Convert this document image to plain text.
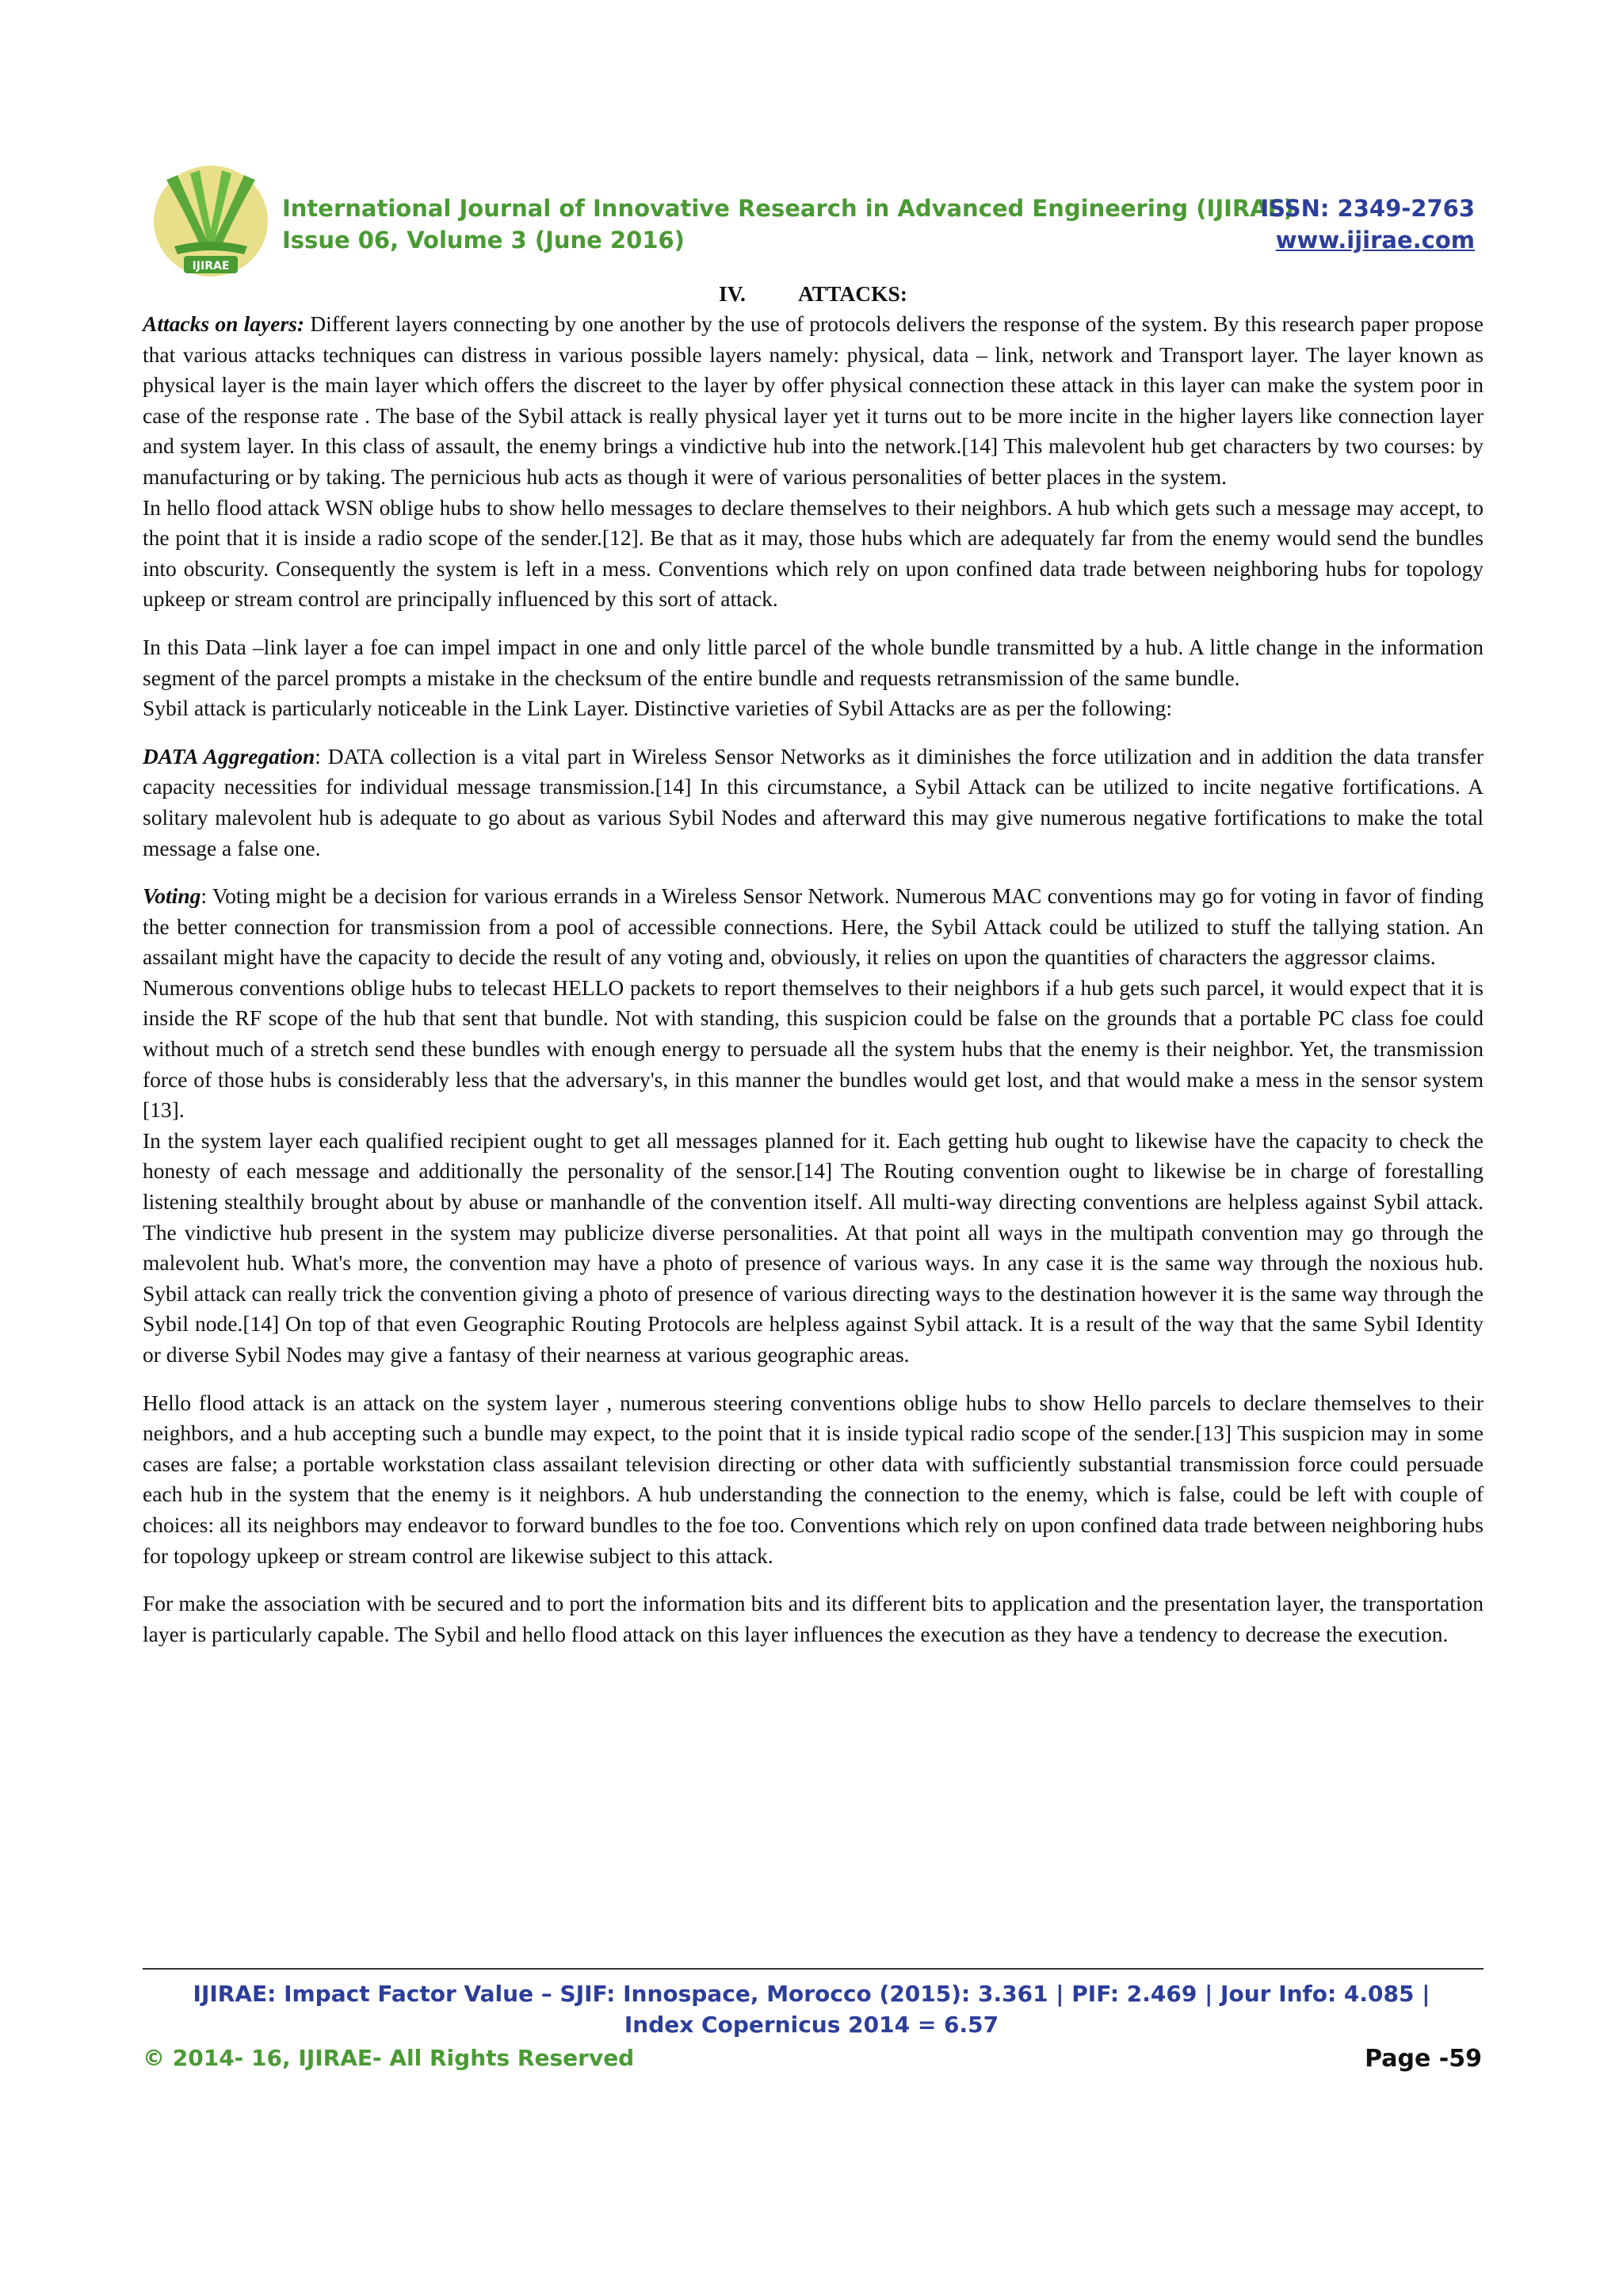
IJIRAE
International Journal of Innovative Research in Advanced Engineering (IJIRAE)
Issue 06, Volume 3 (June 2016)
ISSN: 2349-2763
www.ijirae.com

IV. ATTACKS:

Attacks on layers: Different layers connecting by one another by the use of protocols delivers the response of the system. By this research paper propose that various attacks techniques can distress in various possible layers namely: physical, data – link, network and Transport layer. The layer known as physical layer is the main layer which offers the discreet to the layer by offer physical connection these attack in this layer can make the system poor in case of the response rate . The base of the Sybil attack is really physical layer yet it turns out to be more incite in the higher layers like connection layer and system layer. In this class of assault, the enemy brings a vindictive hub into the network.[14] This malevolent hub get characters by two courses: by manufacturing or by taking. The pernicious hub acts as though it were of various personalities of better places in the system.

In hello flood attack WSN oblige hubs to show hello messages to declare themselves to their neighbors. A hub which gets such a message may accept, to the point that it is inside a radio scope of the sender.[12]. Be that as it may, those hubs which are adequately far from the enemy would send the bundles into obscurity. Consequently the system is left in a mess. Conventions which rely on upon confined data trade between neighboring hubs for topology upkeep or stream control are principally influenced by this sort of attack.

In this Data –link layer a foe can impel impact in one and only little parcel of the whole bundle transmitted by a hub. A little change in the information segment of the parcel prompts a mistake in the checksum of the entire bundle and requests retransmission of the same bundle.

Sybil attack is particularly noticeable in the Link Layer. Distinctive varieties of Sybil Attacks are as per the following:

DATA Aggregation: DATA collection is a vital part in Wireless Sensor Networks as it diminishes the force utilization and in addition the data transfer capacity necessities for individual message transmission.[14] In this circumstance, a Sybil Attack can be utilized to incite negative fortifications. A solitary malevolent hub is adequate to go about as various Sybil Nodes and afterward this may give numerous negative fortifications to make the total message a false one.

Voting: Voting might be a decision for various errands in a Wireless Sensor Network. Numerous MAC conventions may go for voting in favor of finding the better connection for transmission from a pool of accessible connections. Here, the Sybil Attack could be utilized to stuff the tallying station. An assailant might have the capacity to decide the result of any voting and, obviously, it relies on upon the quantities of characters the aggressor claims.

Numerous conventions oblige hubs to telecast HELLO packets to report themselves to their neighbors if a hub gets such parcel, it would expect that it is inside the RF scope of the hub that sent that bundle. Not with standing, this suspicion could be false on the grounds that a portable PC class foe could without much of a stretch send these bundles with enough energy to persuade all the system hubs that the enemy is their neighbor. Yet, the transmission force of those hubs is considerably less that the adversary's, in this manner the bundles would get lost, and that would make a mess in the sensor system [13].

In the system layer each qualified recipient ought to get all messages planned for it. Each getting hub ought to likewise have the capacity to check the honesty of each message and additionally the personality of the sensor.[14] The Routing convention ought to likewise be in charge of forestalling listening stealthily brought about by abuse or manhandle of the convention itself. All multi-way directing conventions are helpless against Sybil attack. The vindictive hub present in the system may publicize diverse personalities. At that point all ways in the multipath convention may go through the malevolent hub. What's more, the convention may have a photo of presence of various ways. In any case it is the same way through the noxious hub. Sybil attack can really trick the convention giving a photo of presence of various directing ways to the destination however it is the same way through the Sybil node.[14] On top of that even Geographic Routing Protocols are helpless against Sybil attack. It is a result of the way that the same Sybil Identity or diverse Sybil Nodes may give a fantasy of their nearness at various geographic areas.

Hello flood attack is an attack on the system layer , numerous steering conventions oblige hubs to show Hello parcels to declare themselves to their neighbors, and a hub accepting such a bundle may expect, to the point that it is inside typical radio scope of the sender.[13] This suspicion may in some cases are false; a portable workstation class assailant television directing or other data with sufficiently substantial transmission force could persuade each hub in the system that the enemy is it neighbors. A hub understanding the connection to the enemy, which is false, could be left with couple of choices: all its neighbors may endeavor to forward bundles to the foe too. Conventions which rely on upon confined data trade between neighboring hubs for topology upkeep or stream control are likewise subject to this attack.

For make the association with be secured and to port the information bits and its different bits to application and the presentation layer, the transportation layer is particularly capable. The Sybil and hello flood attack on this layer influences the execution as they have a tendency to decrease the execution.

IJIRAE: Impact Factor Value – SJIF: Innospace, Morocco (2015): 3.361 | PIF: 2.469 | Jour Info: 4.085 |
Index Copernicus 2014 = 6.57
© 2014- 16, IJIRAE- All Rights Reserved	Page -59
